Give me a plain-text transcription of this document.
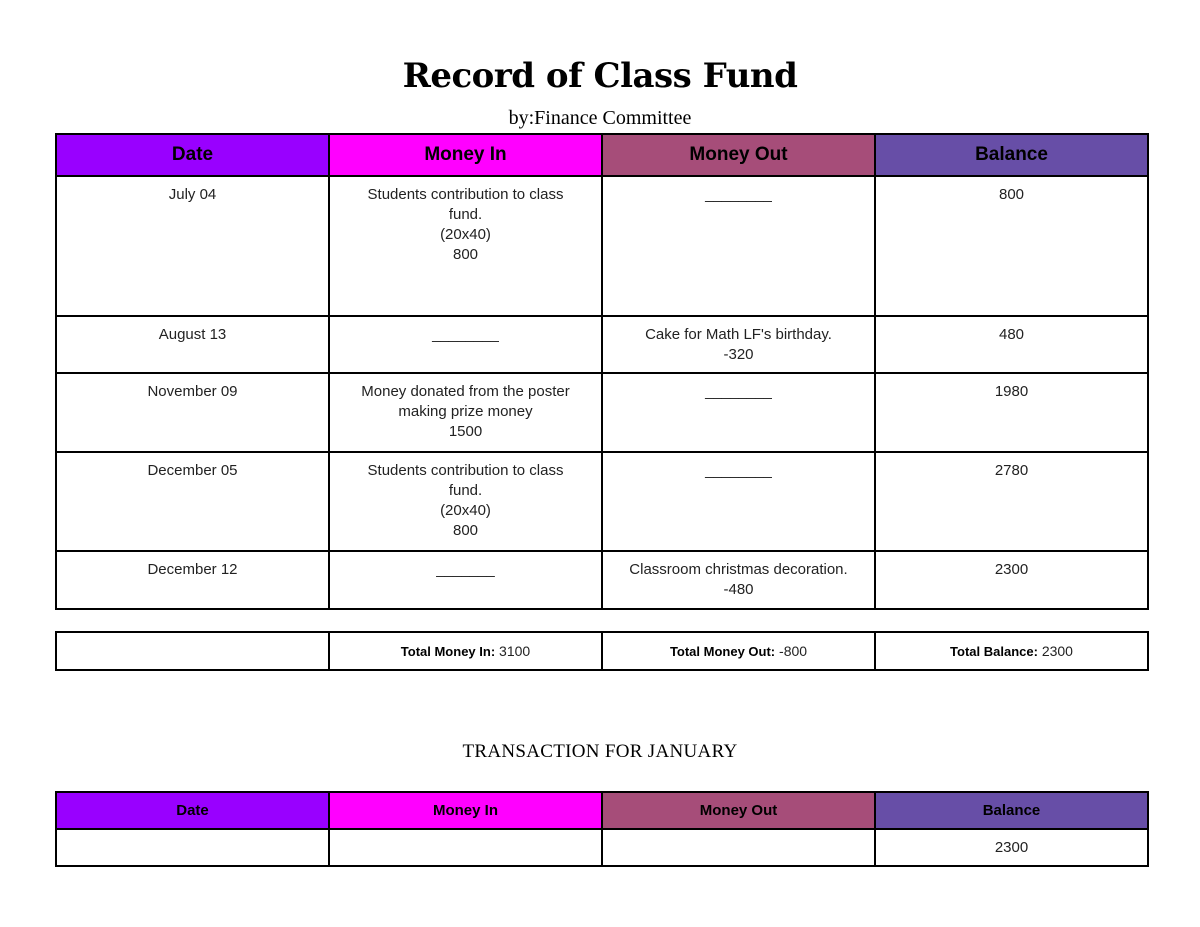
Record of Class Fund
by:Finance Committee
Date	Money In	Money Out	Balance
July 04	Students contribution to class fund.
(20x40)
800	________	800
August 13	________	Cake for Math LF's birthday.
-320	480
November 09	Money donated from the poster making prize money
1500	________	1980
December 05	Students contribution to class fund.
(20x40)
800	________	2780
December 12	_______	Classroom christmas decoration.
-480	2300
	Total Money In: 3100	Total Money Out: -800	Total Balance: 2300
TRANSACTION FOR JANUARY
Date	Money In	Money Out	Balance
			2300
